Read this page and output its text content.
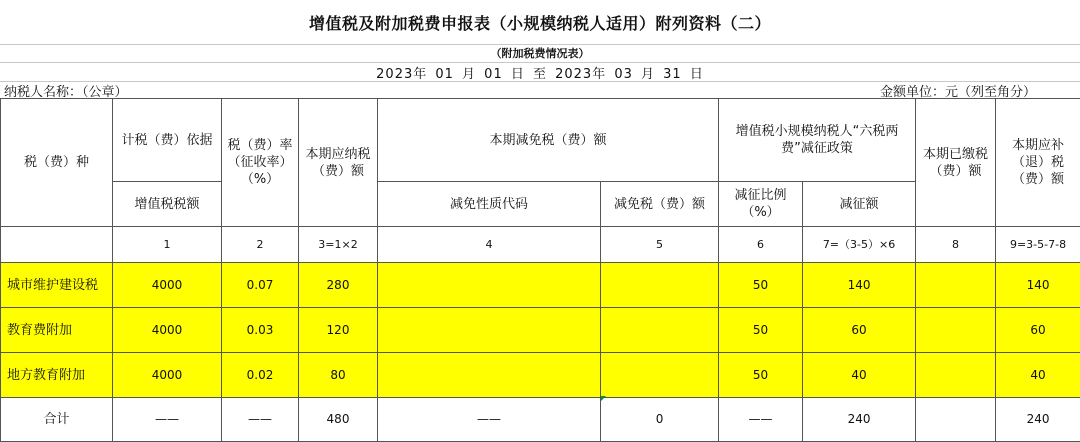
增值税及附加税费申报表（小规模纳税人适用）附列资料（二）
（附加税费情况表）
2023年 01 月 01 日 至 2023年 03 月 31 日
纳税人名称：（公章）	金额单位：元（列至角分）
税（费）种	计税（费）依据	税（费）率（征收率）（%）	本期应纳税（费）额	本期减免税（费）额		增值税小规模纳税人“六税两费”减征政策		本期已缴税（费）额	本期应补（退）税（费）额
	增值税税额			减免性质代码	减免税（费）额	减征比例（%）	减征额		
	1	2	3=1×2	4	5	6	7=（3-5）×6	8	9=3-5-7-8
城市维护建设税	4000	0.07	280			50	140		140
教育费附加	4000	0.03	120			50	60		60
地方教育附加	4000	0.02	80			50	40		40
合计	——	——	480	——	0	——	240		240
